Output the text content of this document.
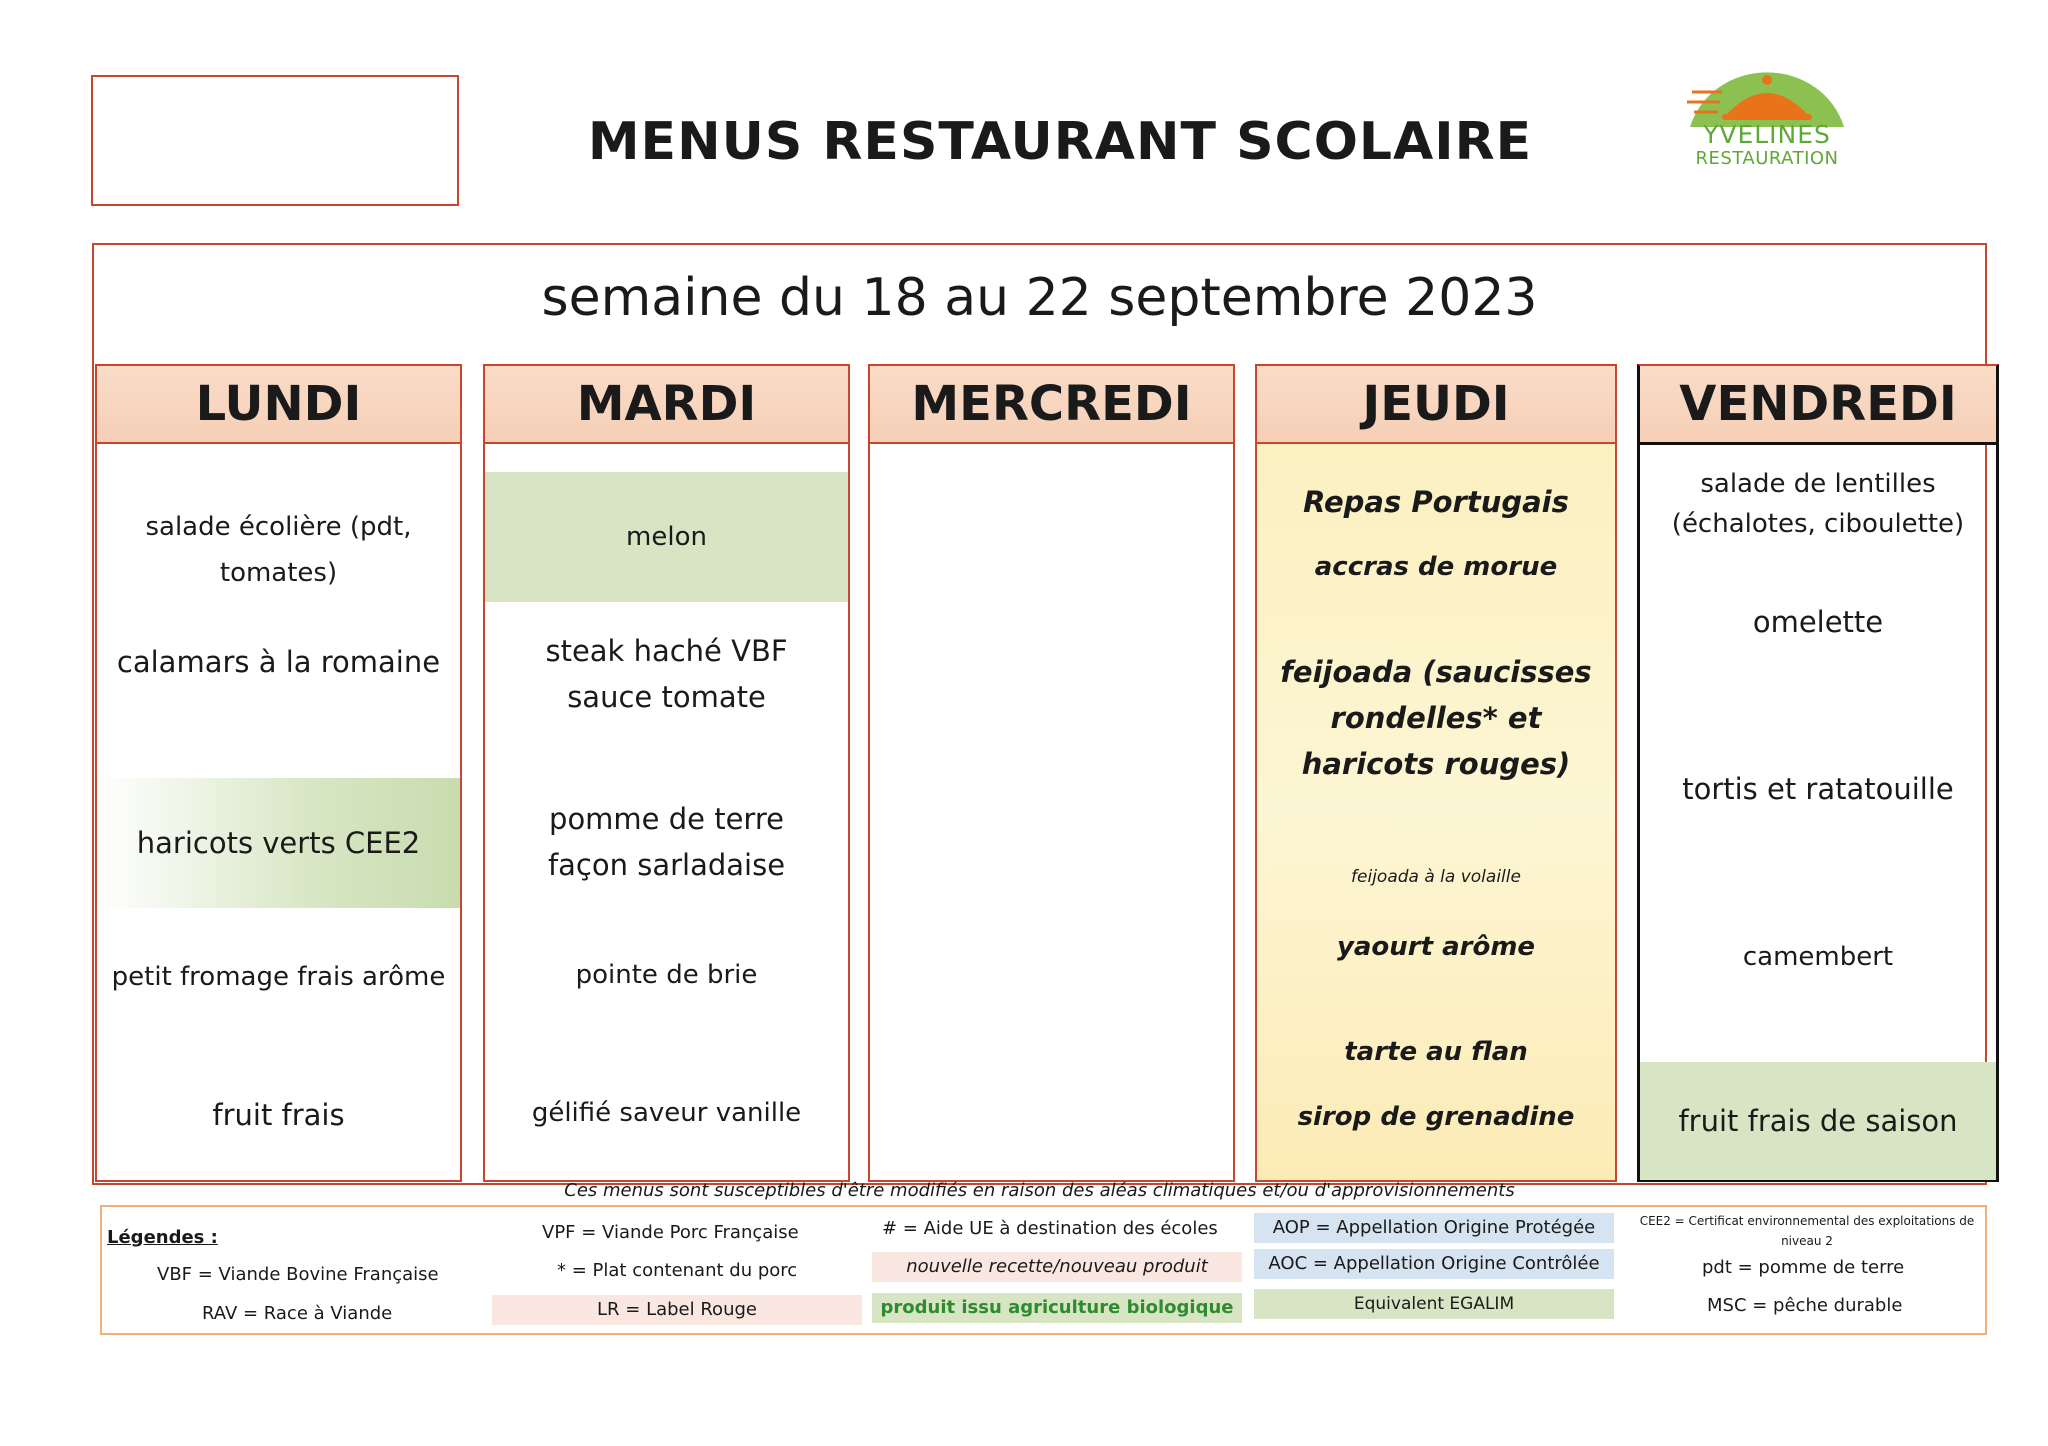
MENUS RESTAURANT SCOLAIRE	YVELINES
RESTAURATION
semaine du 18 au 22 septembre 2023
LUNDI
salade écolière (pdt, tomates)
calamars à la romaine
haricots verts CEE2
petit fromage frais arôme
fruit frais
MARDI
melon
steak haché VBF sauce tomate
pomme de terre façon sarladaise
pointe de brie
gélifié saveur vanille
MERCREDI	JEUDI
Repas Portugais
accras de morue
feijoada (saucisses rondelles* et haricots rouges)
feijoada à la volaille
yaourt arôme
tarte au flan
sirop de grenadine
VENDREDI
salade de lentilles (échalotes, ciboulette)
omelette
tortis et ratatouille
camembert
fruit frais de saison
Ces menus sont susceptibles d'être modifiés en raison des aléas climatiques et/ou d'approvisionnements
Légendes :
VBF = Viande Bovine Française
RAV = Race à Viande
VPF = Viande Porc Française
* = Plat contenant du porc
LR = Label Rouge
# = Aide UE à destination des écoles
nouvelle recette/nouveau produit
produit issu agriculture biologique
AOP = Appellation Origine Protégée
AOC = Appellation Origine Contrôlée
Equivalent EGALIM
CEE2 = Certificat environnemental des exploitations de niveau 2
pdt = pomme de terre
MSC = pêche durable
